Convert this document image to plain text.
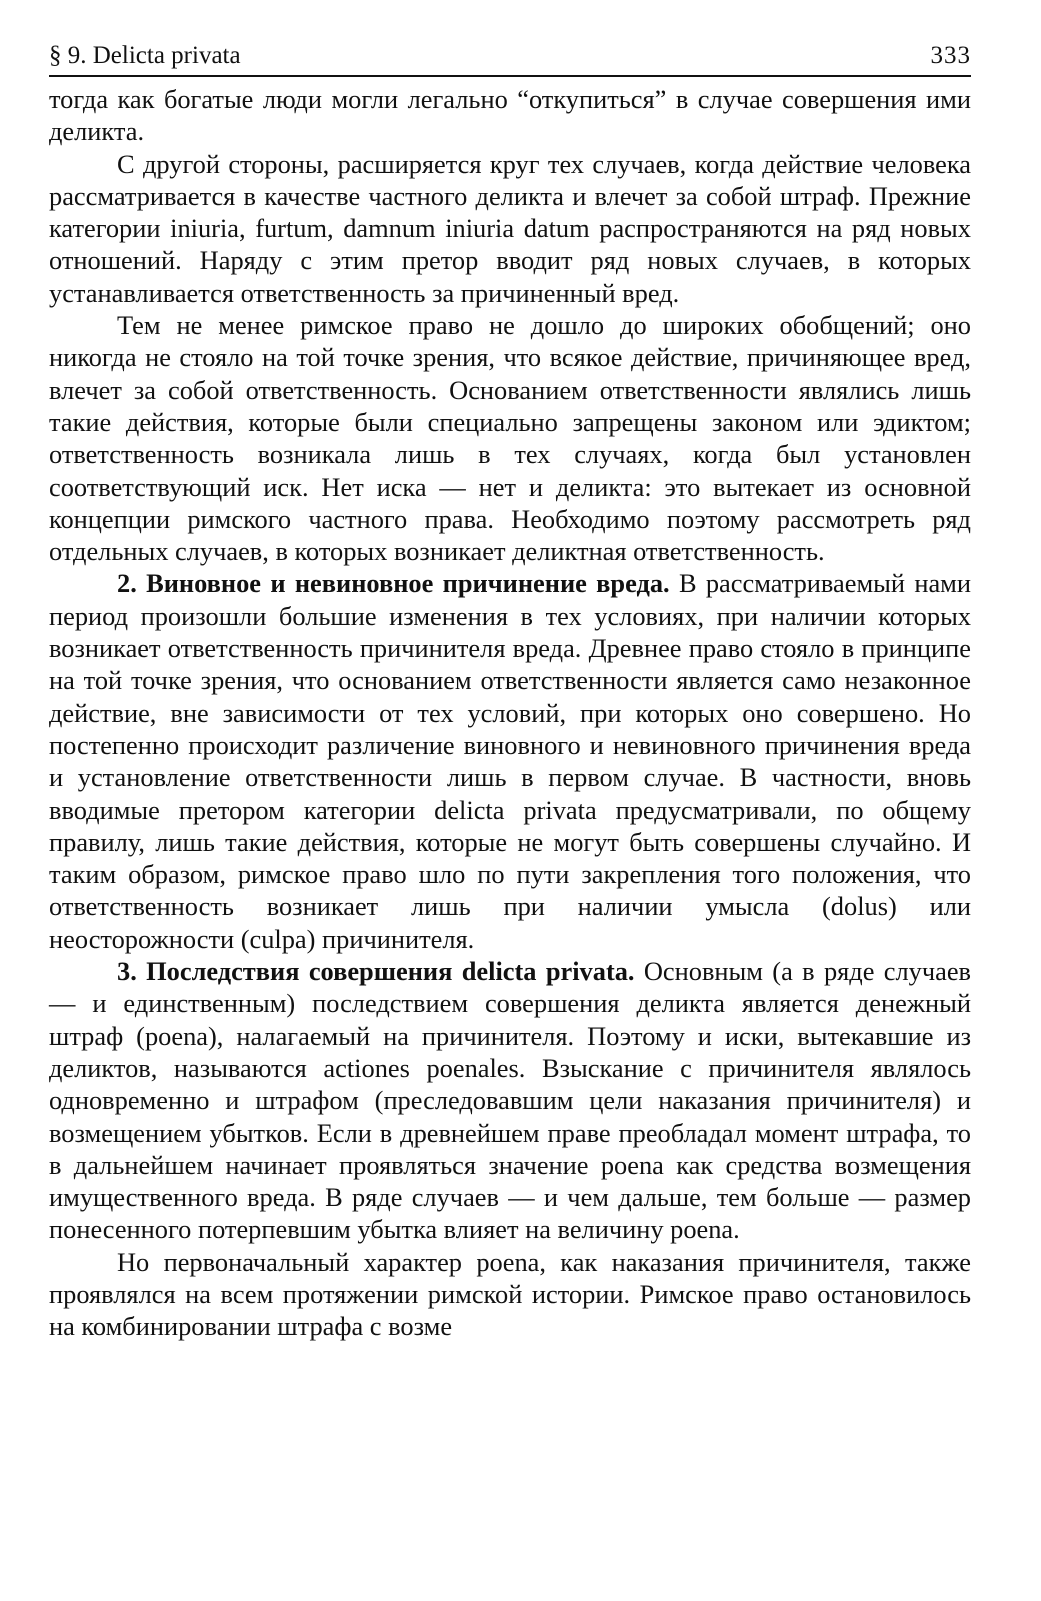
§ 9. Delicta privata	333

тогда как богатые люди могли легально “откупиться” в случае совершения ими деликта.

С другой стороны, расширяется круг тех случаев, когда действие человека рассматривается в качестве частного деликта и влечет за собой штраф. Прежние категории iniuria, furtum, damnum iniuria datum распространяются на ряд новых отношений. Наряду с этим претор вводит ряд новых случаев, в которых устанавливается ответственность за причиненный вред.

Тем не менее римское право не дошло до широких обобщений; оно никогда не стояло на той точке зрения, что всякое действие, причиняющее вред, влечет за собой ответственность. Основанием ответственности являлись лишь такие действия, которые были специально запрещены законом или эдиктом; ответственность возникала лишь в тех случаях, когда был установлен соответствующий иск. Нет иска — нет и деликта: это вытекает из основной концепции римского частного права. Необходимо поэтому рассмотреть ряд отдельных случаев, в которых возникает деликтная ответственность.

2. Виновное и невиновное причинение вреда. В рассматриваемый нами период произошли большие изменения в тех условиях, при наличии которых возникает ответственность причинителя вреда. Древнее право стояло в принципе на той точке зрения, что основанием ответственности является само незаконное действие, вне зависимости от тех условий, при которых оно совершено. Но постепенно происходит различение виновного и невиновного причинения вреда и установление ответственности лишь в первом случае. В частности, вновь вводимые претором категории delicta privata предусматривали, по общему правилу, лишь такие действия, которые не могут быть совершены случайно. И таким образом, римское право шло по пути закрепления того положения, что ответственность возникает лишь при наличии умысла (dolus) или неосторожности (culpa) причинителя.

3. Последствия совершения delicta privata. Основным (а в ряде случаев — и единственным) последствием совершения деликта является денежный штраф (poena), налагаемый на причинителя. Поэтому и иски, вытекавшие из деликтов, называются actiones poenales. Взыскание с причинителя являлось одновременно и штрафом (преследовавшим цели наказания причинителя) и возмещением убытков. Если в древнейшем праве преобладал момент штрафа, то в дальнейшем начинает проявляться значение poena как средства возмещения имущественного вреда. В ряде случаев — и чем дальше, тем больше — размер понесенного потерпевшим убытка влияет на величину poena.

Но первоначальный характер poena, как наказания причинителя, также проявлялся на всем протяжении римской истории. Римское право остановилось на комбинировании штрафа с возме
